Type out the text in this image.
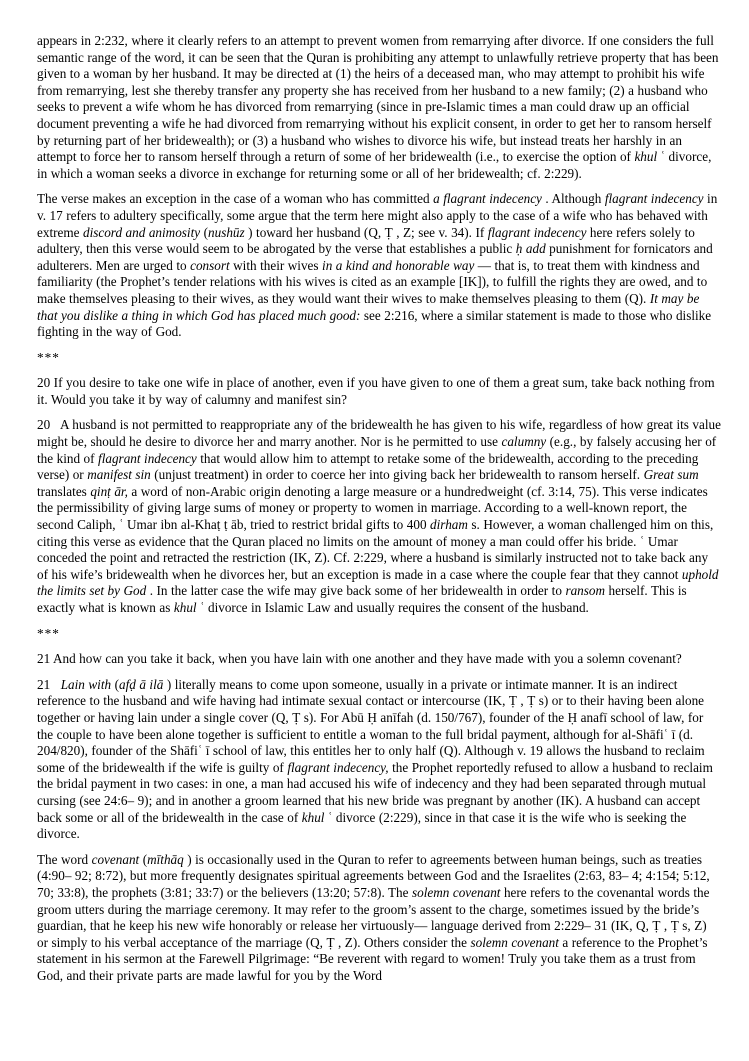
appears in 2:232, where it clearly refers to an attempt to prevent women from remarrying after divorce. If one considers the full semantic range of the word, it can be seen that the Quran is prohibiting any attempt to unlawfully retrieve property that has been given to a woman by her husband. It may be directed at (1) the heirs of a deceased man, who may attempt to prohibit his wife from remarrying, lest she thereby transfer any property she has received from her husband to a new family; (2) a husband who seeks to prevent a wife whom he has divorced from remarrying (since in pre-Islamic times a man could draw up an official document preventing a wife he had divorced from remarrying without his explicit consent, in order to get her to ransom herself by returning part of her bridewealth); or (3) a husband who wishes to divorce his wife, but instead treats her harshly in an attempt to force her to ransom herself through a return of some of her bridewealth (i.e., to exercise the option of khul ʿ divorce, in which a woman seeks a divorce in exchange for returning some or all of her bridewealth; cf. 2:229).

The verse makes an exception in the case of a woman who has committed a flagrant indecency . Although flagrant indecency in v. 17 refers to adultery specifically, some argue that the term here might also apply to the case of a wife who has behaved with extreme discord and animosity (nushūz ) toward her husband (Q, Ṭ , Z; see v. 34). If flagrant indecency here refers solely to adultery, then this verse would seem to be abrogated by the verse that establishes a public ḥ add punishment for fornicators and adulterers. Men are urged to consort with their wives in a kind and honorable way — that is, to treat them with kindness and familiarity (the Prophet’s tender relations with his wives is cited as an example [IK]), to fulfill the rights they are owed, and to make themselves pleasing to their wives, as they would want their wives to make themselves pleasing to them (Q). It may be that you dislike a thing in which God has placed much good: see 2:216, where a similar statement is made to those who dislike fighting in the way of God.

***

20 If you desire to take one wife in place of another, even if you have given to one of them a great sum, take back nothing from it. Would you take it by way of calumny and manifest sin?

20   A husband is not permitted to reappropriate any of the bridewealth he has given to his wife, regardless of how great its value might be, should he desire to divorce her and marry another. Nor is he permitted to use calumny (e.g., by falsely accusing her of the kind of flagrant indecency that would allow him to attempt to retake some of the bridewealth, according to the preceding verse) or manifest sin (unjust treatment) in order to coerce her into giving back her bridewealth to ransom herself. Great sum translates qinṭ ār, a word of non-Arabic origin denoting a large measure or a hundredweight (cf. 3:14, 75). This verse indicates the permissibility of giving large sums of money or property to women in marriage. According to a well-known report, the second Caliph, ʿ Umar ibn al-Khaṭ ṭ āb, tried to restrict bridal gifts to 400 dirham s. However, a woman challenged him on this, citing this verse as evidence that the Quran placed no limits on the amount of money a man could offer his bride. ʿ Umar conceded the point and retracted the restriction (IK, Z). Cf. 2:229, where a husband is similarly instructed not to take back any of his wife’s bridewealth when he divorces her, but an exception is made in a case where the couple fear that they cannot uphold the limits set by God . In the latter case the wife may give back some of her bridewealth in order to ransom herself. This is exactly what is known as khul ʿ divorce in Islamic Law and usually requires the consent of the husband.

***

21 And how can you take it back, when you have lain with one another and they have made with you a solemn covenant?

21   Lain with (afḍ ā ilā ) literally means to come upon someone, usually in a private or intimate manner. It is an indirect reference to the husband and wife having had intimate sexual contact or intercourse (IK, Ṭ , Ṭ s) or to their having been alone together or having lain under a single cover (Q, Ṭ s). For Abū Ḥ anīfah (d. 150/767), founder of the Ḥ anafī school of law, for the couple to have been alone together is sufficient to entitle a woman to the full bridal payment, although for al-Shāfiʿ ī (d. 204/820), founder of the Shāfiʿ ī school of law, this entitles her to only half (Q). Although v. 19 allows the husband to reclaim some of the bridewealth if the wife is guilty of flagrant indecency, the Prophet reportedly refused to allow a husband to reclaim the bridal payment in two cases: in one, a man had accused his wife of indecency and they had been separated through mutual cursing (see 24:6– 9); and in another a groom learned that his new bride was pregnant by another (IK). A husband can accept back some or all of the bridewealth in the case of khul ʿ divorce (2:229), since in that case it is the wife who is seeking the divorce.

The word covenant (mīthāq ) is occasionally used in the Quran to refer to agreements between human beings, such as treaties (4:90– 92; 8:72), but more frequently designates spiritual agreements between God and the Israelites (2:63, 83– 4; 4:154; 5:12, 70; 33:8), the prophets (3:81; 33:7) or the believers (13:20; 57:8). The solemn covenant here refers to the covenantal words the groom utters during the marriage ceremony. It may refer to the groom’s assent to the charge, sometimes issued by the bride’s guardian, that he keep his new wife honorably or release her virtuously— language derived from 2:229– 31 (IK, Q, Ṭ , Ṭ s, Z) or simply to his verbal acceptance of the marriage (Q, Ṭ , Z). Others consider the solemn covenant a reference to the Prophet’s statement in his sermon at the Farewell Pilgrimage: “Be reverent with regard to women! Truly you take them as a trust from God, and their private parts are made lawful for you by the Word
